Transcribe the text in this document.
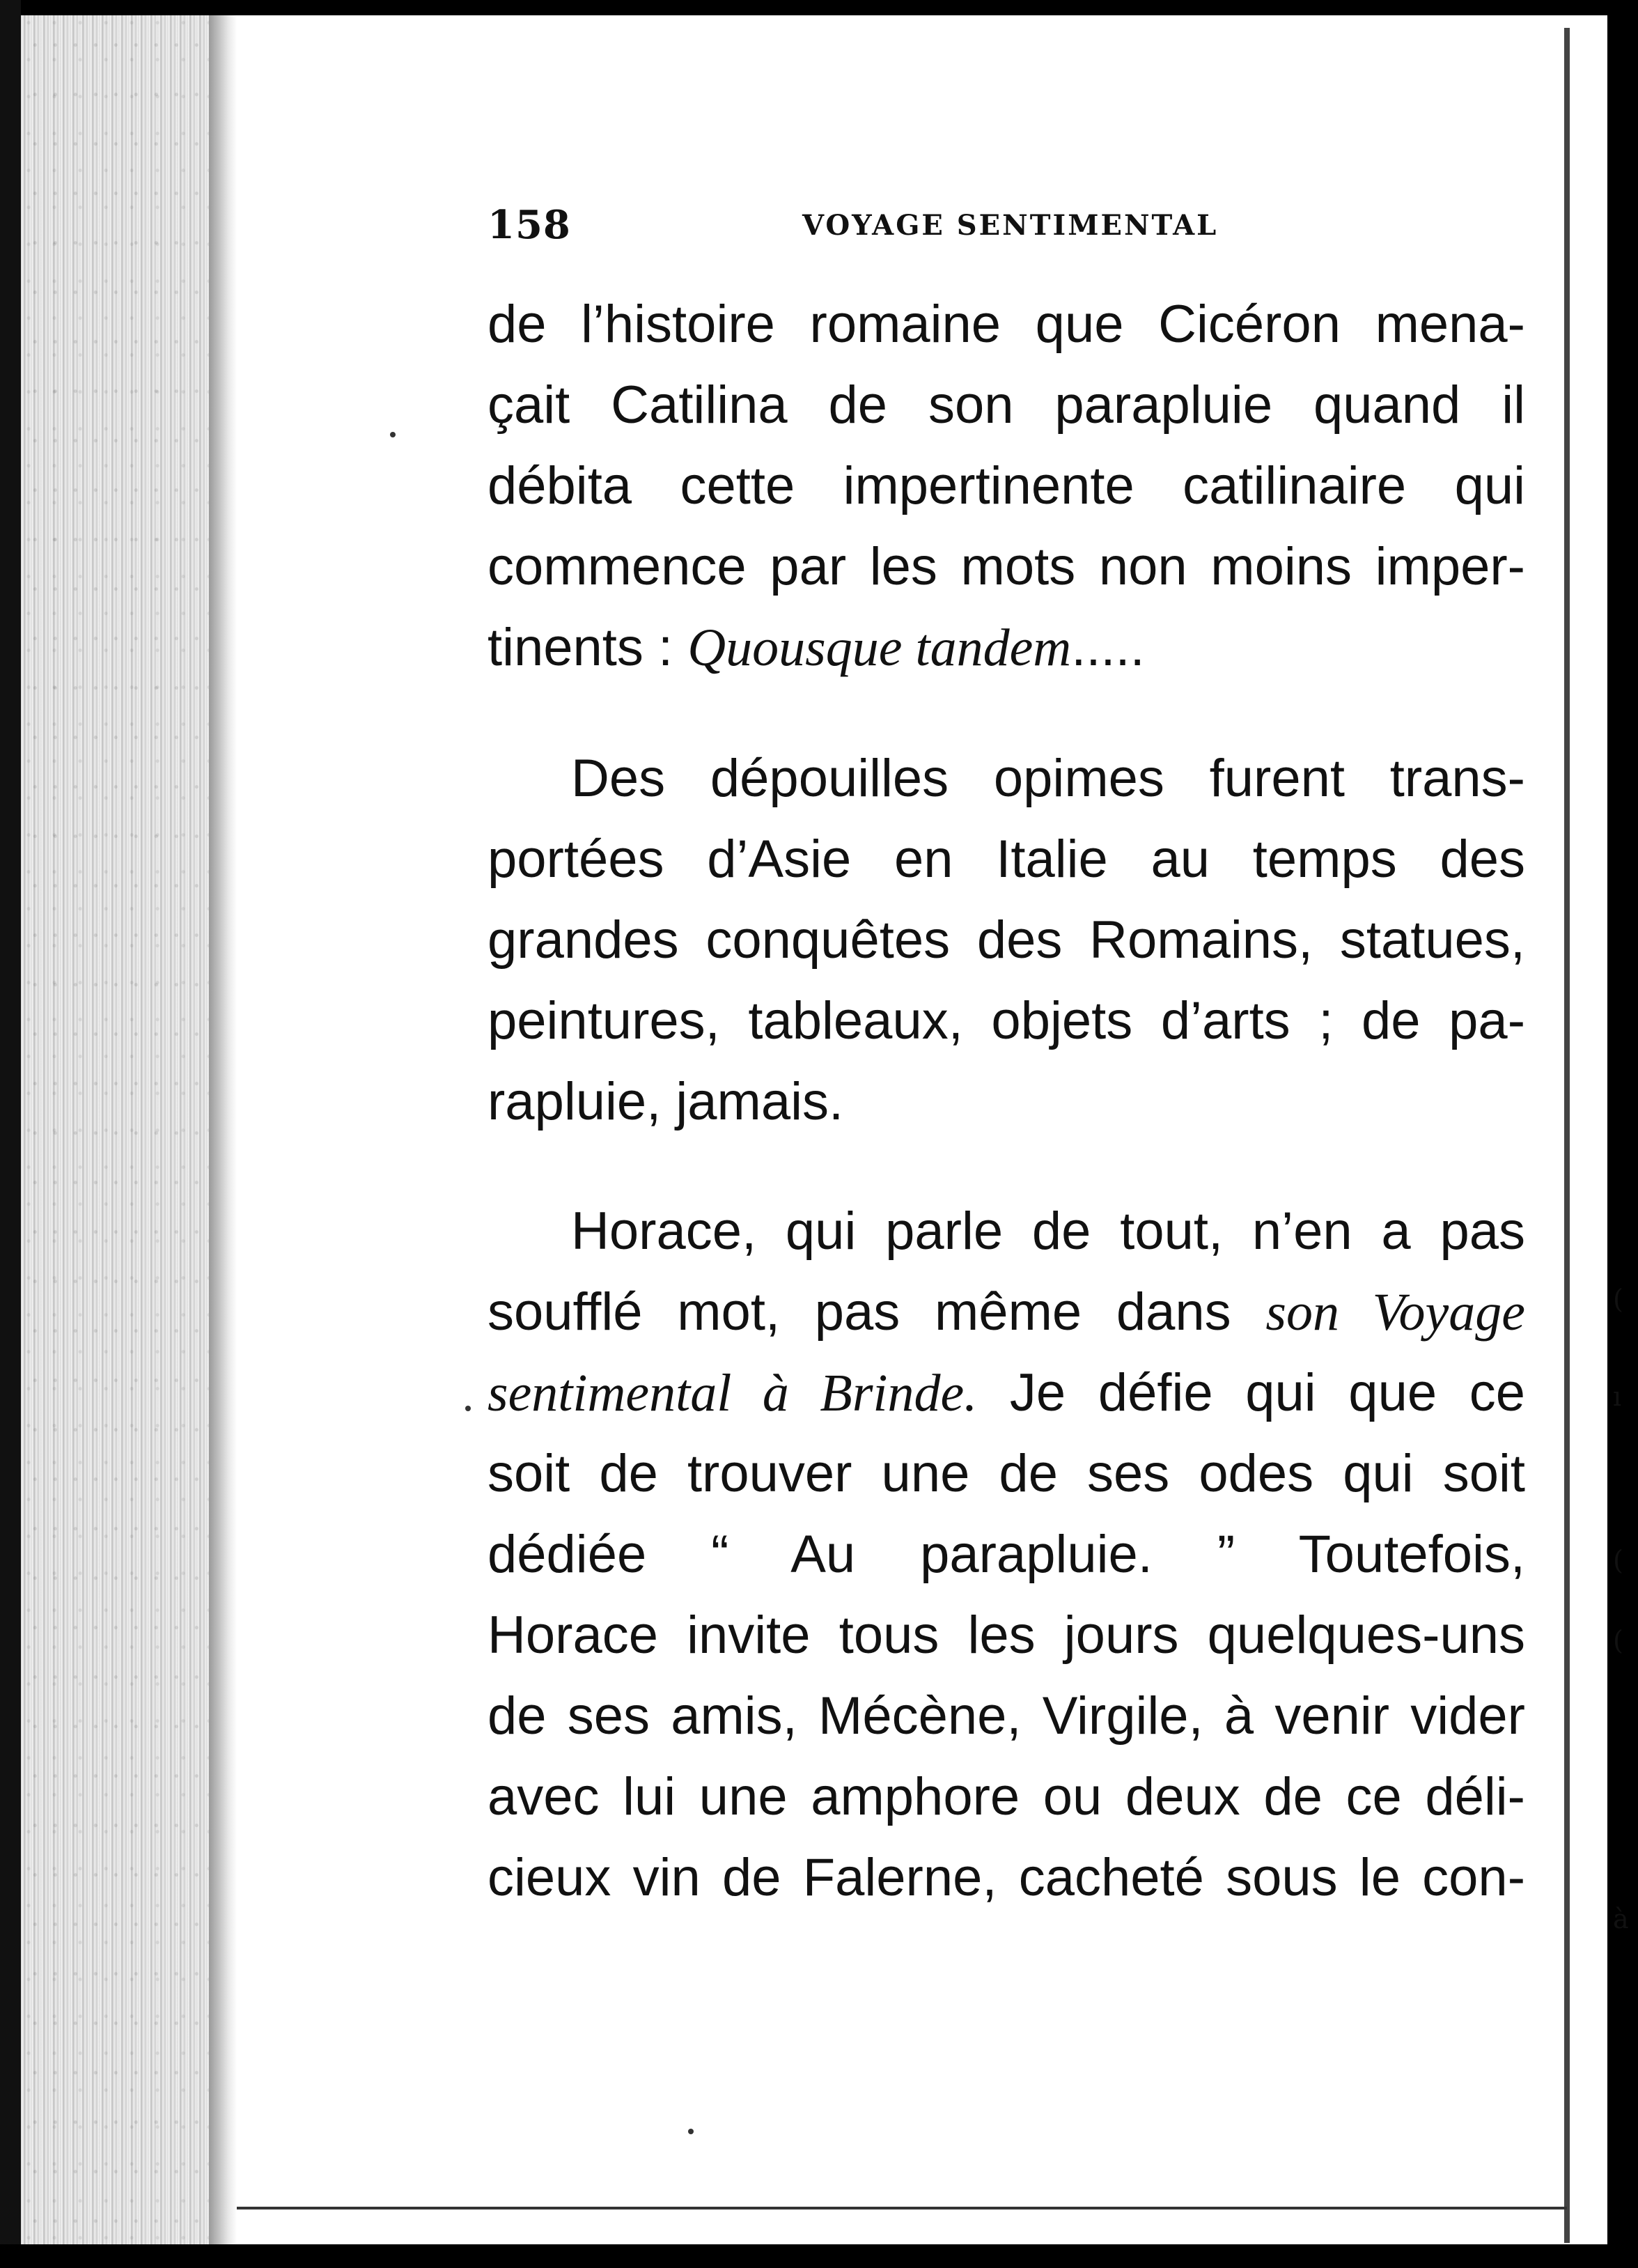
(
ı
(
(
à
158	VOYAGE SENTIMENTAL
de l’histoire romaine que Cicéron mena-
çait Catilina de son parapluie quand il
débita cette impertinente catilinaire qui
commence par les mots non moins imper-
tinents : Quousque tandem.....
Des dépouilles opimes furent trans-
portées d’Asie en Italie au temps des
grandes conquêtes des Romains, statues,
peintures, tableaux, objets d’arts ; de pa-
rapluie, jamais.
Horace, qui parle de tout, n’en a pas
soufflé mot, pas même dans son Voyage
sentimental à Brinde. Je défie qui que ce
soit de trouver une de ses odes qui soit
dédiée “ Au parapluie. ” Toutefois,
Horace invite tous les jours quelques-uns
de ses amis, Mécène, Virgile, à venir vider
avec lui une amphore ou deux de ce déli-
cieux vin de Falerne, cacheté sous le con-
